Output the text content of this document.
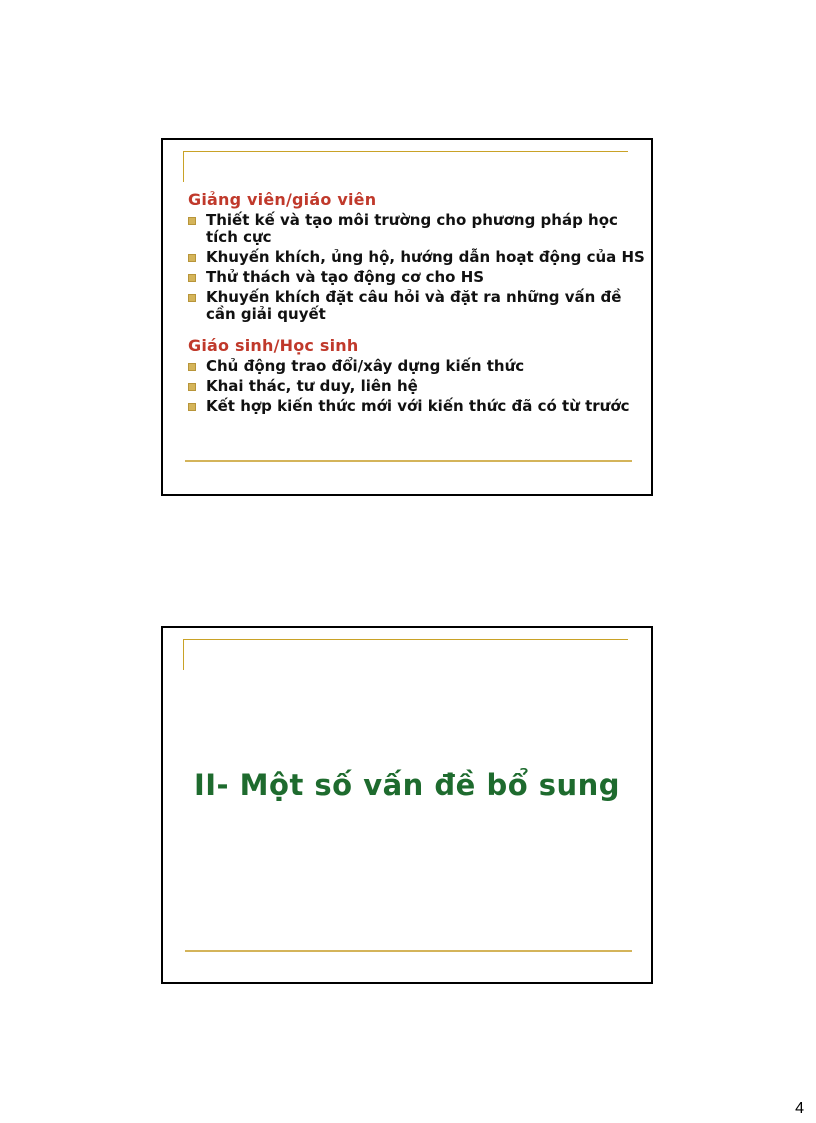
Giảng viên/giáo viên

Thiết kế và tạo môi trường cho phương pháp học tích cực
Khuyến khích, ủng hộ, hướng dẫn hoạt động của HS
Thử thách và tạo động cơ cho HS
Khuyến khích đặt câu hỏi và đặt ra những vấn đề cần giải quyết

Giáo sinh/Học sinh

Chủ động trao đổi/xây dựng kiến thức
Khai thác, tư duy, liên hệ
Kết hợp kiến thức mới với kiến thức đã có từ trước
II- Một số vấn đề bổ sung
4
